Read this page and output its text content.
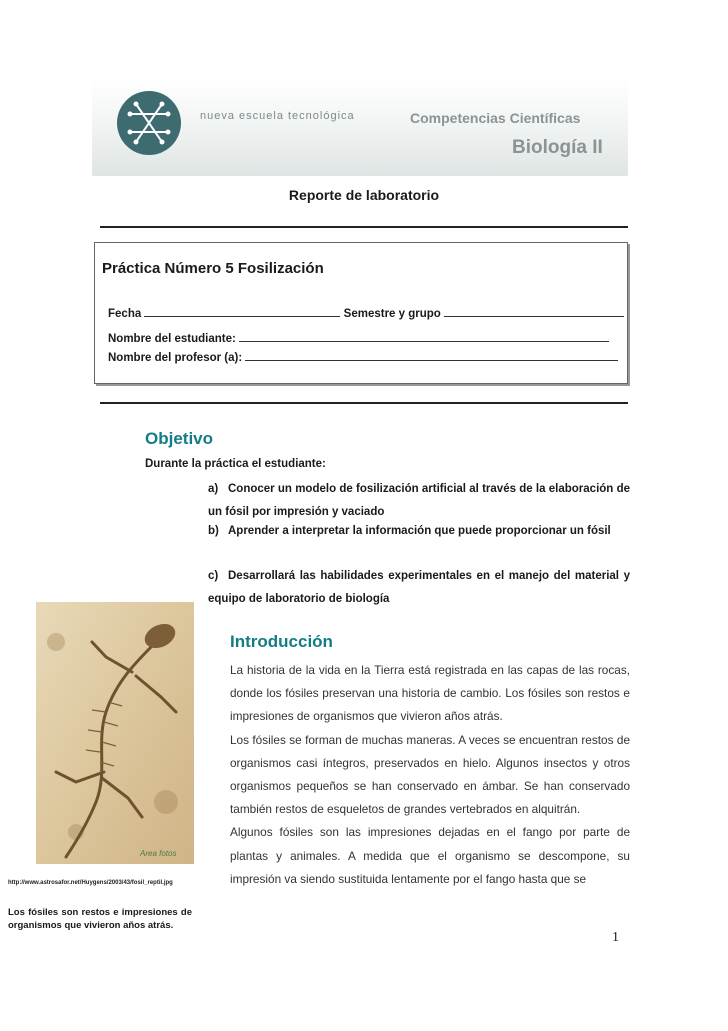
nueva escuela tecnológica	Competencias Científicas
Biología II
Reporte de laboratorio
Práctica Número 5 Fosilización
Fecha	Semestre y grupo
Nombre del estudiante:
Nombre del profesor (a):
Objetivo
Durante la práctica el estudiante:
a) Conocer un modelo de fosilización artificial al través de la elaboración de un fósil por impresión y vaciado
b) Aprender a interpretar la información que puede proporcionar un fósil
c) Desarrollará las habilidades experimentales en el manejo del material y equipo de laboratorio de biología
Area fotos
http://www.astrosafor.net/Huygens/2003/43/fosil_reptil.jpg
Los fósiles son restos e impresiones de organismos que vivieron años atrás.
Introducción

La historia de la vida en la Tierra está registrada en las capas de las rocas, donde los fósiles preservan una historia de cambio. Los fósiles son restos e impresiones de organismos que vivieron años atrás.

Los fósiles se forman de muchas maneras. A veces se encuentran restos de organismos casi íntegros, preservados en hielo. Algunos insectos y otros organismos pequeños se han conservado en ámbar. Se han conservado también restos de esqueletos de grandes vertebrados en alquitrán.

Algunos fósiles son las impresiones dejadas en el fango por parte de plantas y animales. A medida que el organismo se descompone, su impresión va siendo sustituida lentamente por el fango hasta que se

1
